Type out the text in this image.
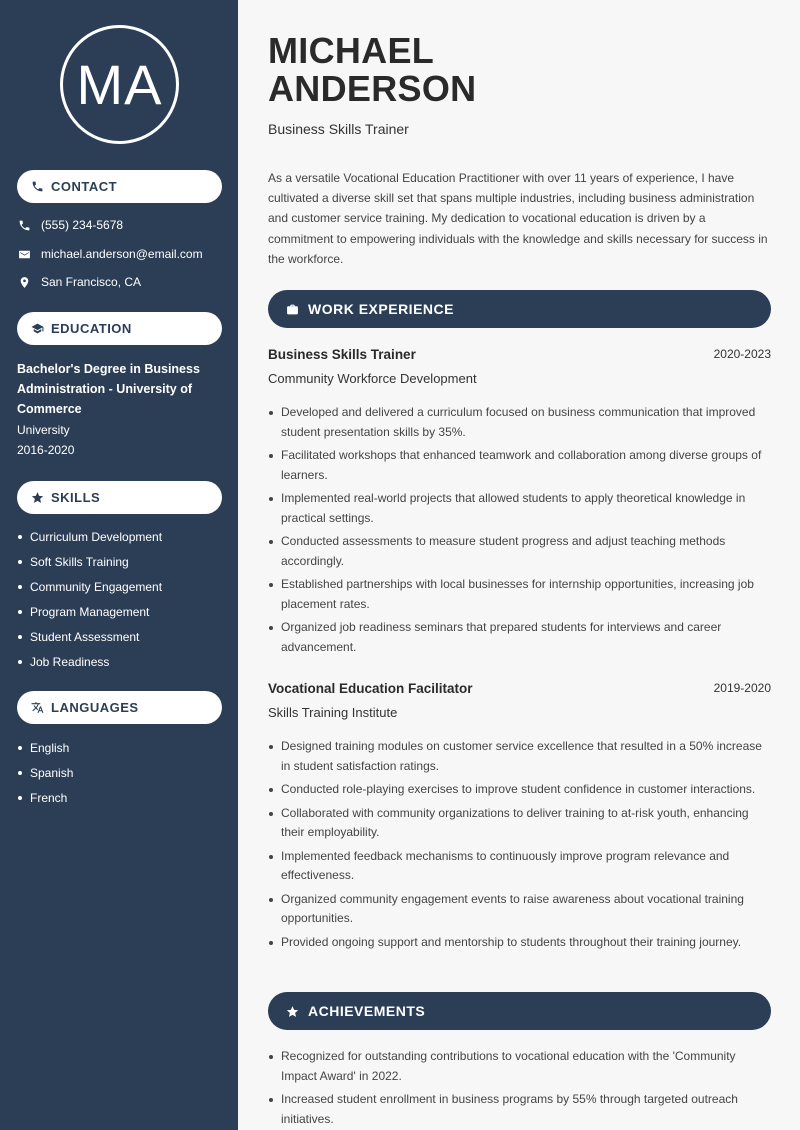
MA
CONTACT
(555) 234-5678
michael.anderson@email.com
San Francisco, CA
EDUCATION
Bachelor's Degree in Business Administration - University of Commerce
University
2016-2020
SKILLS
Curriculum Development
Soft Skills Training
Community Engagement
Program Management
Student Assessment
Job Readiness
LANGUAGES
English
Spanish
French
MICHAEL
ANDERSON
Business Skills Trainer
As a versatile Vocational Education Practitioner with over 11 years of experience, I have cultivated a diverse skill set that spans multiple industries, including business administration and customer service training. My dedication to vocational education is driven by a commitment to empowering individuals with the knowledge and skills necessary for success in the workforce.
WORK EXPERIENCE
Business Skills Trainer	2020-2023
Community Workforce Development
Developed and delivered a curriculum focused on business communication that improved student presentation skills by 35%.
Facilitated workshops that enhanced teamwork and collaboration among diverse groups of learners.
Implemented real-world projects that allowed students to apply theoretical knowledge in practical settings.
Conducted assessments to measure student progress and adjust teaching methods accordingly.
Established partnerships with local businesses for internship opportunities, increasing job placement rates.
Organized job readiness seminars that prepared students for interviews and career advancement.
Vocational Education Facilitator	2019-2020
Skills Training Institute
Designed training modules on customer service excellence that resulted in a 50% increase in student satisfaction ratings.
Conducted role-playing exercises to improve student confidence in customer interactions.
Collaborated with community organizations to deliver training to at-risk youth, enhancing their employability.
Implemented feedback mechanisms to continuously improve program relevance and effectiveness.
Organized community engagement events to raise awareness about vocational training opportunities.
Provided ongoing support and mentorship to students throughout their training journey.
ACHIEVEMENTS
Recognized for outstanding contributions to vocational education with the 'Community Impact Award' in 2022.
Increased student enrollment in business programs by 55% through targeted outreach initiatives.
